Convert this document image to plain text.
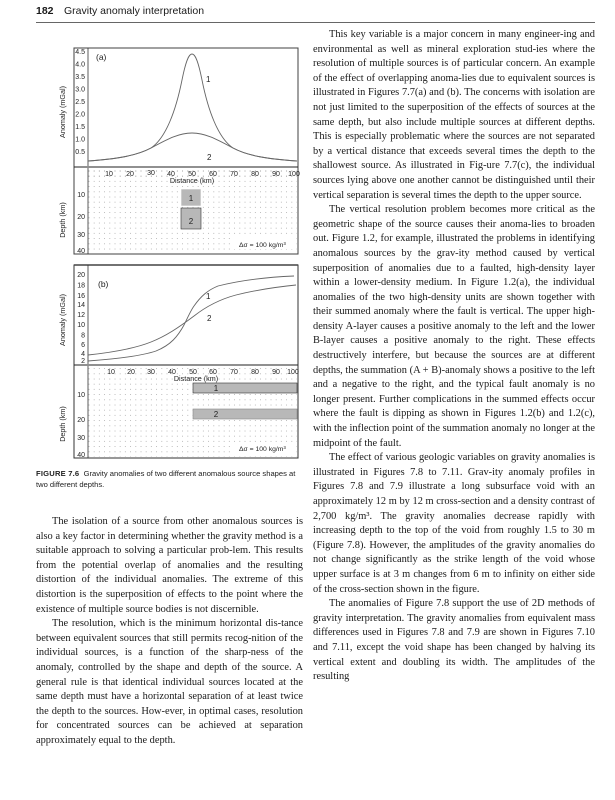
182 Gravity anomaly interpretation
4.5
4.0
3.5
3.0
2.5
2.0
1.5
1.0
0.5
Anomaly (mGal)
(a)
1
2
10 20 30 40 50 60 70 80 90 100
Distance (km)
10
20
30
40
Depth (km)
1
2
Δσ = 100 kg/m³
20
18
16
14
12
10
8
6
4
2
Anomaly (mGal)
(b)
1
2
10 20 30 40 50 60 70 80 90 100
Distance (km)
10
20
30
40
Depth (km)
1
2
Δσ = 100 kg/m³
FIGURE 7.6 Gravity anomalies of two different anomalous source shapes at two different depths.

The isolation of a source from other anomalous sources is also a key factor in determining whether the gravity method is a suitable approach to solving a particular prob-lem. This results from the potential overlap of anomalies and the resulting distortion of the individual anomalies. The extreme of this distortion is the superposition of effects to the point where the existence of multiple source bodies is not discernible.

The resolution, which is the minimum horizontal dis-tance between equivalent sources that still permits recog-nition of the individual sources, is a function of the sharp-ness of the anomaly, controlled by the shape and depth of the source. A general rule is that identical individual sources located at the same depth must have a horizontal separation of at least twice the depth to the sources. How-ever, in optimal cases, resolution for concentrated sources can be achieved at separation approximately equal to the depth.

This key variable is a major concern in many engineer-ing and environmental as well as mineral exploration stud-ies where the resolution of multiple sources is of particular concern. An example of the effect of overlapping anoma-lies due to equivalent sources is illustrated in Figures 7.7(a) and (b). The concerns with isolation are not just limited to the superposition of the effects of sources at the same depth, but also include multiple sources at different depths. This is especially problematic where the sources are not separated by a vertical distance that exceeds several times the depth to the shallowest source. As illustrated in Fig-ure 7.7(c), the individual sources lying above one another cannot be distinguished until their vertical separation is several times the depth to the upper source.

The vertical resolution problem becomes more critical as the geometric shape of the source causes their anoma-lies to broaden out. Figure 1.2, for example, illustrated the problems in identifying anomalous sources by the grav-ity method caused by vertical superposition of anomalies due to a faulted, high-density layer within a lower-density medium. In Figure 1.2(a), the individual anomalies of the two high-density units are shown together with their summed anomaly where the fault is vertical. The upper high-density A-layer causes a positive anomaly to the left and the lower B-layer causes a positive anomaly to the right. These effects destructively interfere, but because the sources are at different depths, the summation (A + B)-anomaly shows a positive to the left and a negative to the right, and the typical fault anomaly is no longer present. Further complications in the summed effects occur where the fault is dipping as shown in Figures 1.2(b) and 1.2(c), with the inflection point of the summation anomaly no longer at the midpoint of the fault.

The effect of various geologic variables on gravity anomalies is illustrated in Figures 7.8 to 7.11. Grav-ity anomaly profiles in Figures 7.8 and 7.9 illustrate a long subsurface void with an approximately 12 m by 12 m cross-section and a density contrast of 2,700 kg/m³. The gravity anomalies decrease rapidly with increasing depth to the top of the void from roughly 1.5 to 30 m (Figure 7.8). However, the amplitudes of the gravity anomalies do not change significantly as the strike length of the void whose upper surface is at 3 m changes from 6 m to infinity on either side of the cross-section shown in the figure.

The anomalies of Figure 7.8 support the use of 2D methods of gravity interpretation. The gravity anomalies from equivalent mass differences used in Figures 7.8 and 7.9 are shown in Figures 7.10 and 7.11, except the void shape has been changed by halving its vertical extent and doubling its width. The amplitudes of the resulting
